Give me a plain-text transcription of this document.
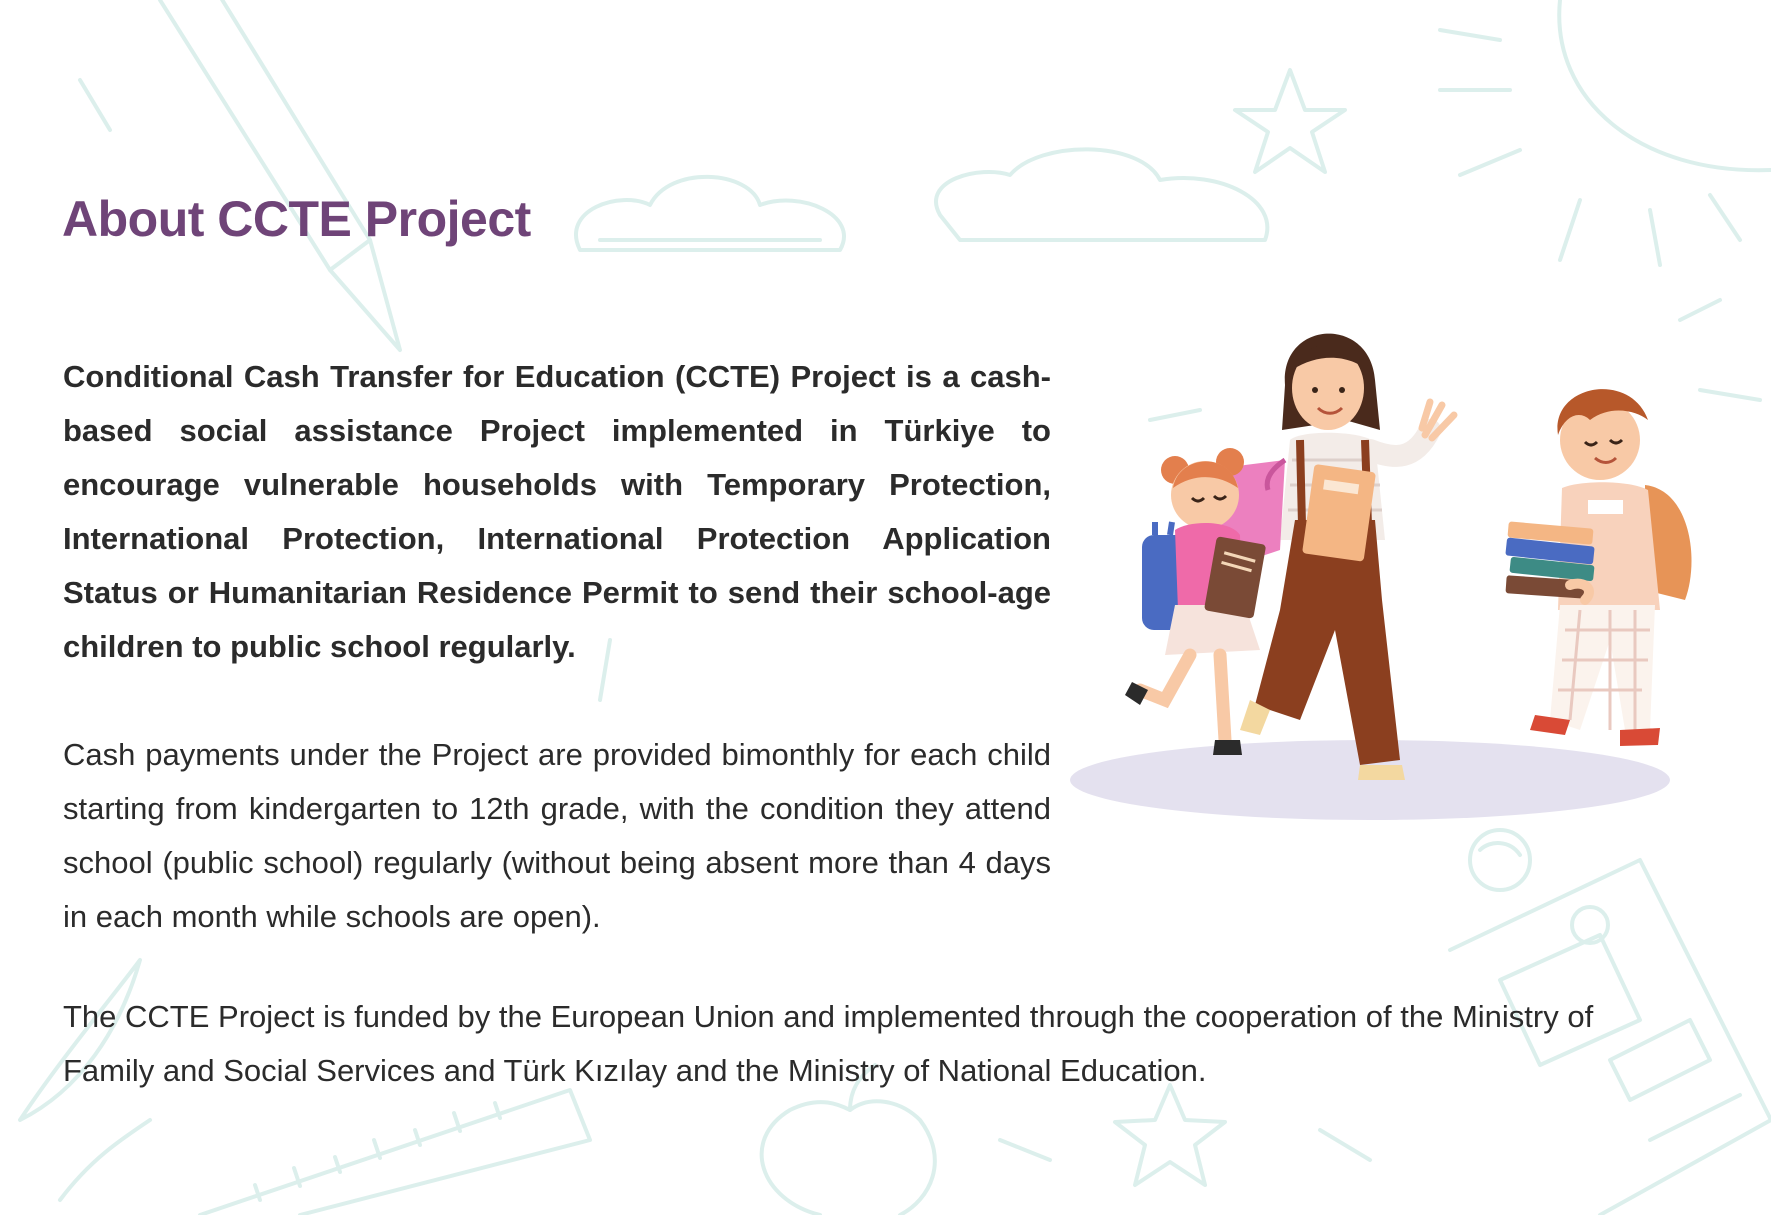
About CCTE Project

Conditional Cash Transfer for Education (CCTE) Project is a cash-based social assistance Project implemented in Türkiye to encourage vulnerable households with Temporary Protection, International Protection, International Protection Application Status or Humanitarian Residence Permit to send their school-age children to public school regularly.

Cash payments under the Project are provided bimonthly for each child starting from kindergarten to 12th grade, with the condition they attend school (public school) regularly (without being absent more than 4 days in each month while schools are open).

The CCTE Project is funded by the European Union and implemented through the cooperation of the Ministry of Family and Social Services and Türk Kızılay and the Ministry of National Education.
